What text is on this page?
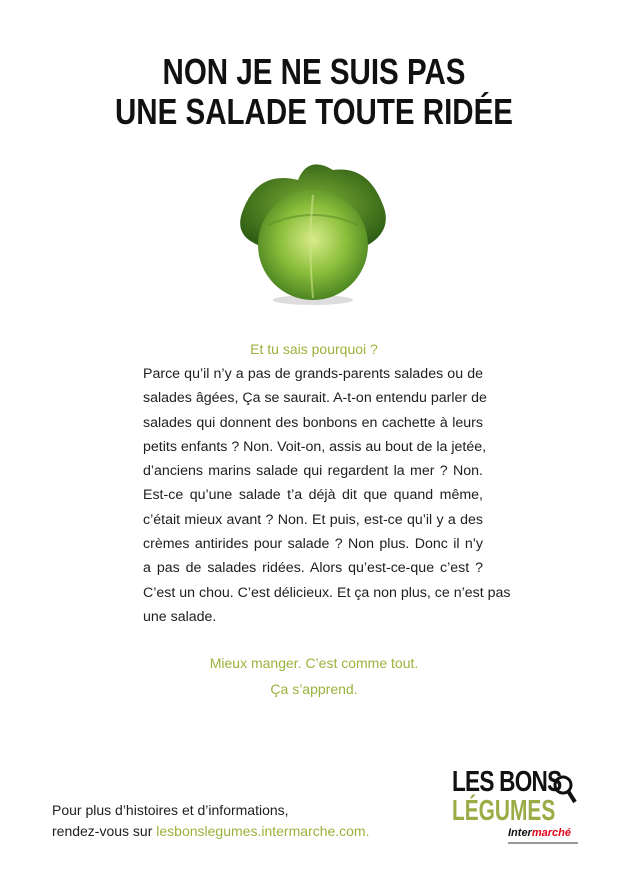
NON JE NE SUIS PAS
UNE SALADE TOUTE RIDÉE
Et tu sais pourquoi ?
Parce qu’il n’y a pas de grands-parents salades ou de
salades âgées, Ça se saurait. A-t-on entendu parler de
salades qui donnent des bonbons en cachette à leurs
petits enfants ? Non. Voit-on, assis au bout de la jetée,
d’anciens marins salade qui regardent la mer ? Non.
Est-ce qu’une salade t’a déjà dit que quand même,
c’était mieux avant ? Non. Et puis, est-ce qu’il y a des
crèmes antirides pour salade ? Non plus. Donc il n’y
a pas de salades ridées. Alors qu’est-ce-que c’est ?
C’est un chou. C’est délicieux. Et ça non plus, ce n’est pas
une salade.
Mieux manger. C’est comme tout.
Ça s’apprend.
Pour plus d’histoires et d’informations,
rendez-vous sur lesbonslegumes.intermarche.com.
LES BONS
LÉGUMES
Intermarché
